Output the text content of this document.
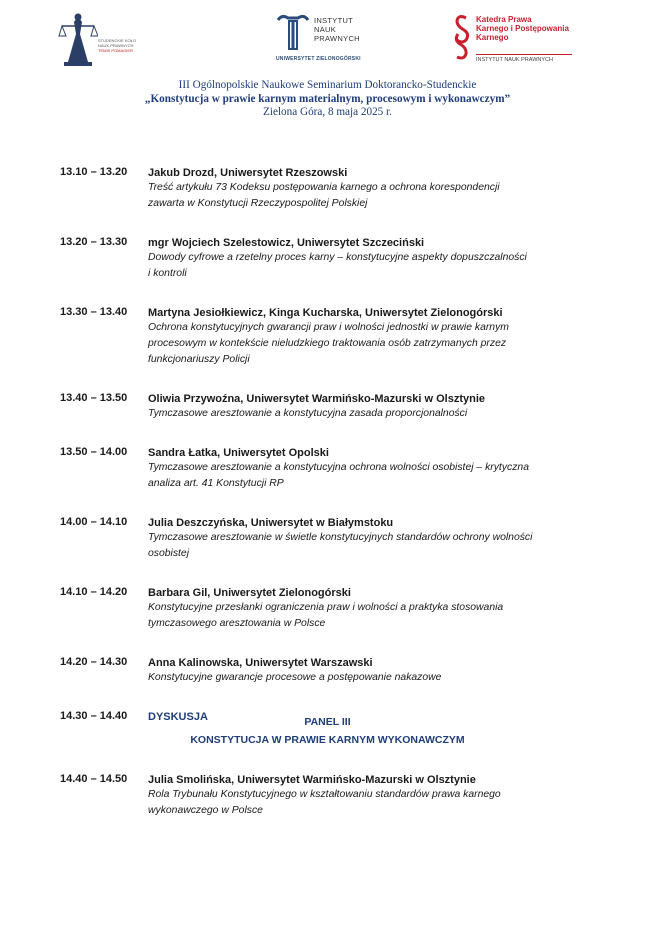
STUDENCKIE KOŁO
NAUK PRAWNYCH
TEMIS POMAGIER
INSTYTUT
NAUK
PRAWNYCH
UNIWERSYTET ZIELONOGÓRSKI
Katedra Prawa
Karnego i Postępowania
Karnego
INSTYTUT NAUK PRAWNYCH
III Ogólnopolskie Naukowe Seminarium Doktorancko-Studenckie
„Konstytucja w prawie karnym materialnym, procesowym i wykonawczym”
Zielona Góra, 8 maja 2025 r.
13.10 – 13.20 Jakub Drozd, Uniwersytet Rzeszowski
Treść artykułu 73 Kodeksu postępowania karnego a ochrona korespondencji
zawarta w Konstytucji Rzeczypospolitej Polskiej
13.20 – 13.30 mgr Wojciech Szelestowicz, Uniwersytet Szczeciński
Dowody cyfrowe a rzetelny proces karny – konstytucyjne aspekty dopuszczalności
i kontroli
13.30 – 13.40 Martyna Jesiołkiewicz, Kinga Kucharska, Uniwersytet Zielonogórski
Ochrona konstytucyjnych gwarancji praw i wolności jednostki w prawie karnym
procesowym w kontekście nieludzkiego traktowania osób zatrzymanych przez
funkcjonariuszy Policji
13.40 – 13.50 Oliwia Przywoźna, Uniwersytet Warmińsko-Mazurski w Olsztynie
Tymczasowe aresztowanie a konstytucyjna zasada proporcjonalności
13.50 – 14.00 Sandra Łatka, Uniwersytet Opolski
Tymczasowe aresztowanie a konstytucyjna ochrona wolności osobistej – krytyczna
analiza art. 41 Konstytucji RP
14.00 – 14.10 Julia Deszczyńska, Uniwersytet w Białymstoku
Tymczasowe aresztowanie w świetle konstytucyjnych standardów ochrony wolności
osobistej
14.10 – 14.20 Barbara Gil, Uniwersytet Zielonogórski
Konstytucyjne przesłanki ograniczenia praw i wolności a praktyka stosowania
tymczasowego aresztowania w Polsce
14.20 – 14.30 Anna Kalinowska, Uniwersytet Warszawski
Konstytucyjne gwarancje procesowe a postępowanie nakazowe
14.30 – 14.40 DYSKUSJA	PANEL III
KONSTYTUCJA W PRAWIE KARNYM WYKONAWCZYM
14.40 – 14.50 Julia Smolińska, Uniwersytet Warmińsko-Mazurski w Olsztynie
Rola Trybunału Konstytucyjnego w kształtowaniu standardów prawa karnego
wykonawczego w Polsce
